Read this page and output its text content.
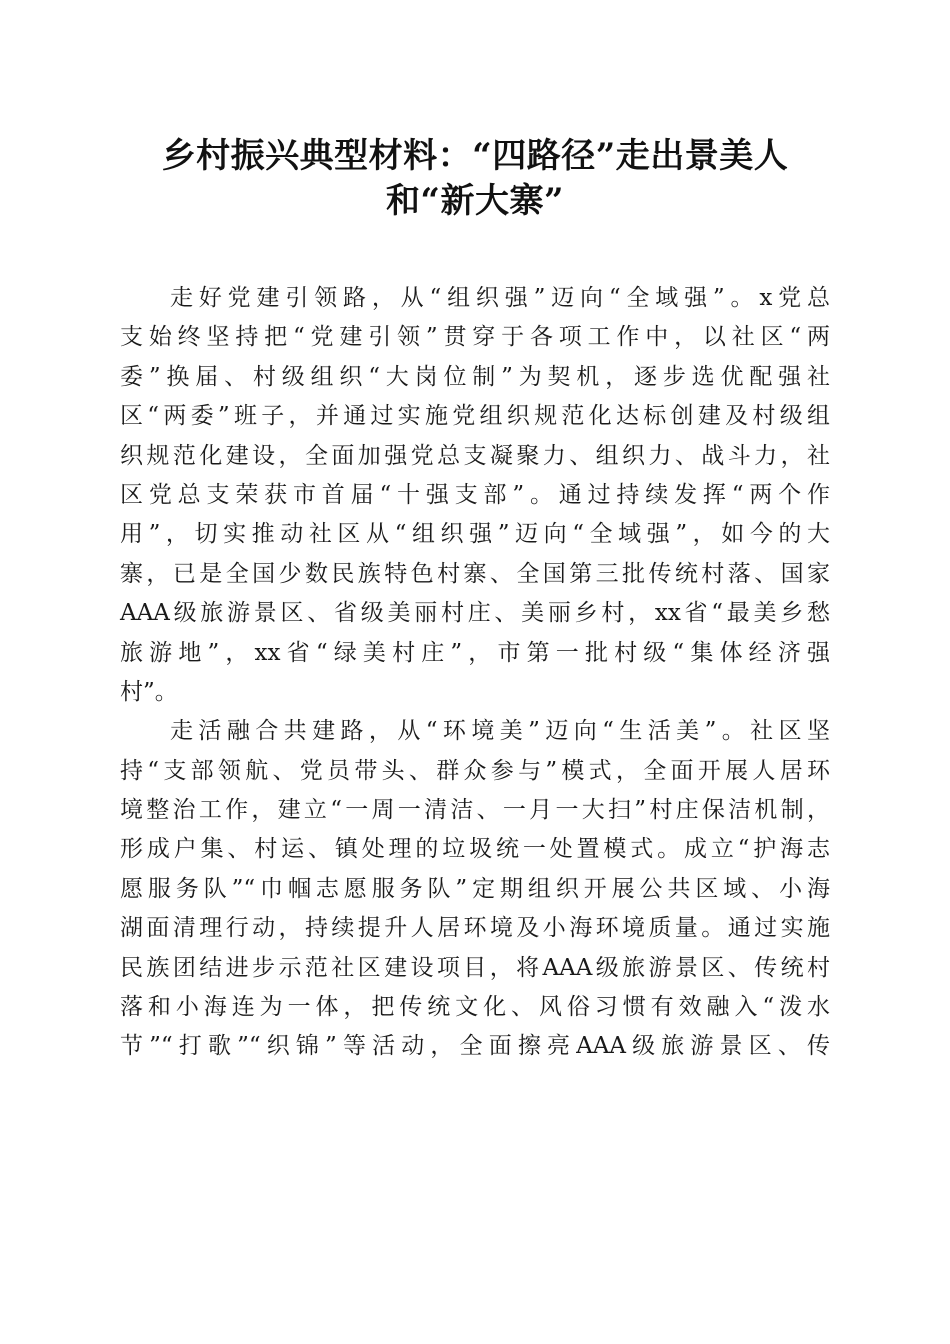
乡村振兴典型材料：“四路径”走出景美人
和“新大寨”
走好党建引领路，从“组织强”迈向“全域强”。x党总
支始终坚持把“党建引领”贯穿于各项工作中，以社区“两
委”换届、村级组织“大岗位制”为契机，逐步选优配强社
区“两委”班子，并通过实施党组织规范化达标创建及村级组
织规范化建设，全面加强党总支凝聚力、组织力、战斗力，社
区党总支荣获市首届“十强支部”。通过持续发挥“两个作
用”，切实推动社区从“组织强”迈向“全域强”，如今的大
寨，已是全国少数民族特色村寨、全国第三批传统村落、国家
AAA级旅游景区、省级美丽村庄、美丽乡村，xx省“最美乡愁
旅游地”，xx省“绿美村庄”，市第一批村级“集体经济强
村”。
走活融合共建路，从“环境美”迈向“生活美”。社区坚
持“支部领航、党员带头、群众参与”模式，全面开展人居环
境整治工作，建立“一周一清洁、一月一大扫”村庄保洁机制，
形成户集、村运、镇处理的垃圾统一处置模式。成立“护海志
愿服务队”“巾帼志愿服务队”定期组织开展公共区域、小海
湖面清理行动，持续提升人居环境及小海环境质量。通过实施
民族团结进步示范社区建设项目，将AAA级旅游景区、传统村
落和小海连为一体，把传统文化、风俗习惯有效融入“泼水
节”“打歌”“织锦”等活动，全面擦亮AAA级旅游景区、传
